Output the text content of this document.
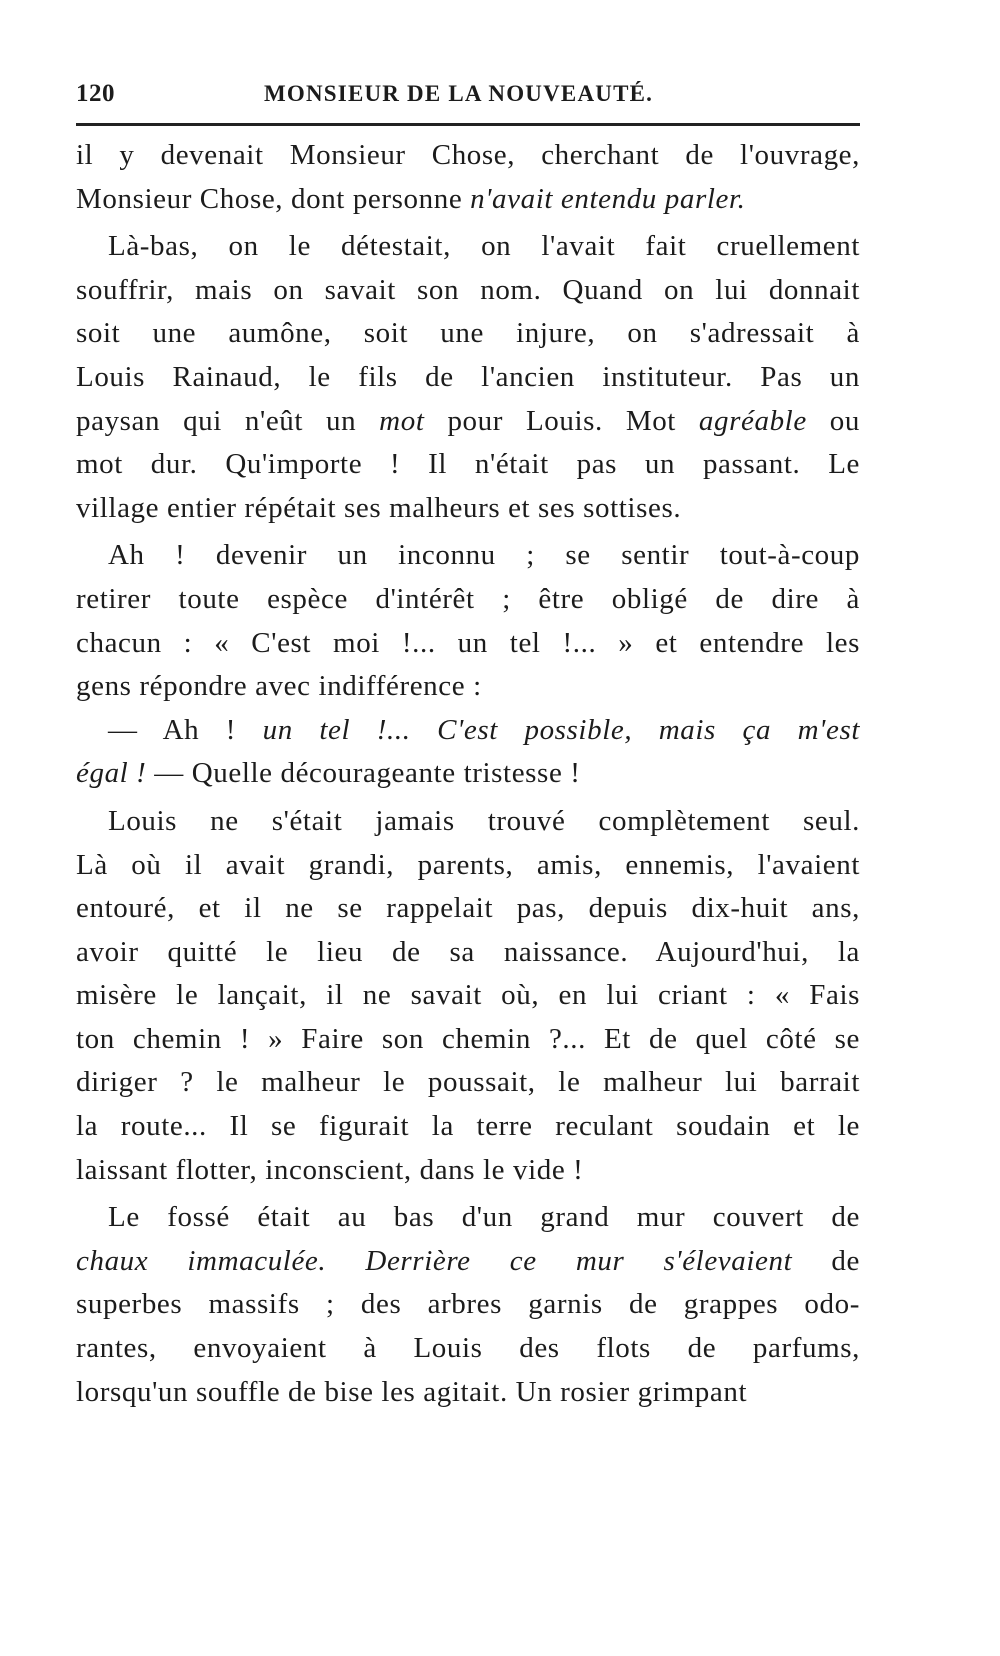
120	MONSIEUR DE LA NOUVEAUTÉ.
il y devenait Monsieur Chose, cherchant de l'ouvrage,
Monsieur Chose, dont personne n'avait entendu parler.
Là-bas, on le détestait, on l'avait fait cruellement
souffrir, mais on savait son nom. Quand on lui donnait
soit une aumône, soit une injure, on s'adressait à
Louis Rainaud, le fils de l'ancien instituteur. Pas un
paysan qui n'eût un mot pour Louis. Mot agréable ou
mot dur. Qu'importe ! Il n'était pas un passant. Le
village entier répétait ses malheurs et ses sottises.
Ah ! devenir un inconnu ; se sentir tout-à-coup
retirer toute espèce d'intérêt ; être obligé de dire à
chacun : « C'est moi !... un tel !... » et entendre les
gens répondre avec indifférence :
— Ah ! un tel !... C'est possible, mais ça m'est
égal ! — Quelle décourageante tristesse !
Louis ne s'était jamais trouvé complètement seul.
Là où il avait grandi, parents, amis, ennemis, l'avaient
entouré, et il ne se rappelait pas, depuis dix-huit ans,
avoir quitté le lieu de sa naissance. Aujourd'hui, la
misère le lançait, il ne savait où, en lui criant : « Fais
ton chemin ! » Faire son chemin ?... Et de quel côté se
diriger ? le malheur le poussait, le malheur lui barrait
la route... Il se figurait la terre reculant soudain et le
laissant flotter, inconscient, dans le vide !
Le fossé était au bas d'un grand mur couvert de
chaux immaculée. Derrière ce mur s'élevaient de
superbes massifs ; des arbres garnis de grappes odo-
rantes, envoyaient à Louis des flots de parfums,
lorsqu'un souffle de bise les agitait. Un rosier grimpant
